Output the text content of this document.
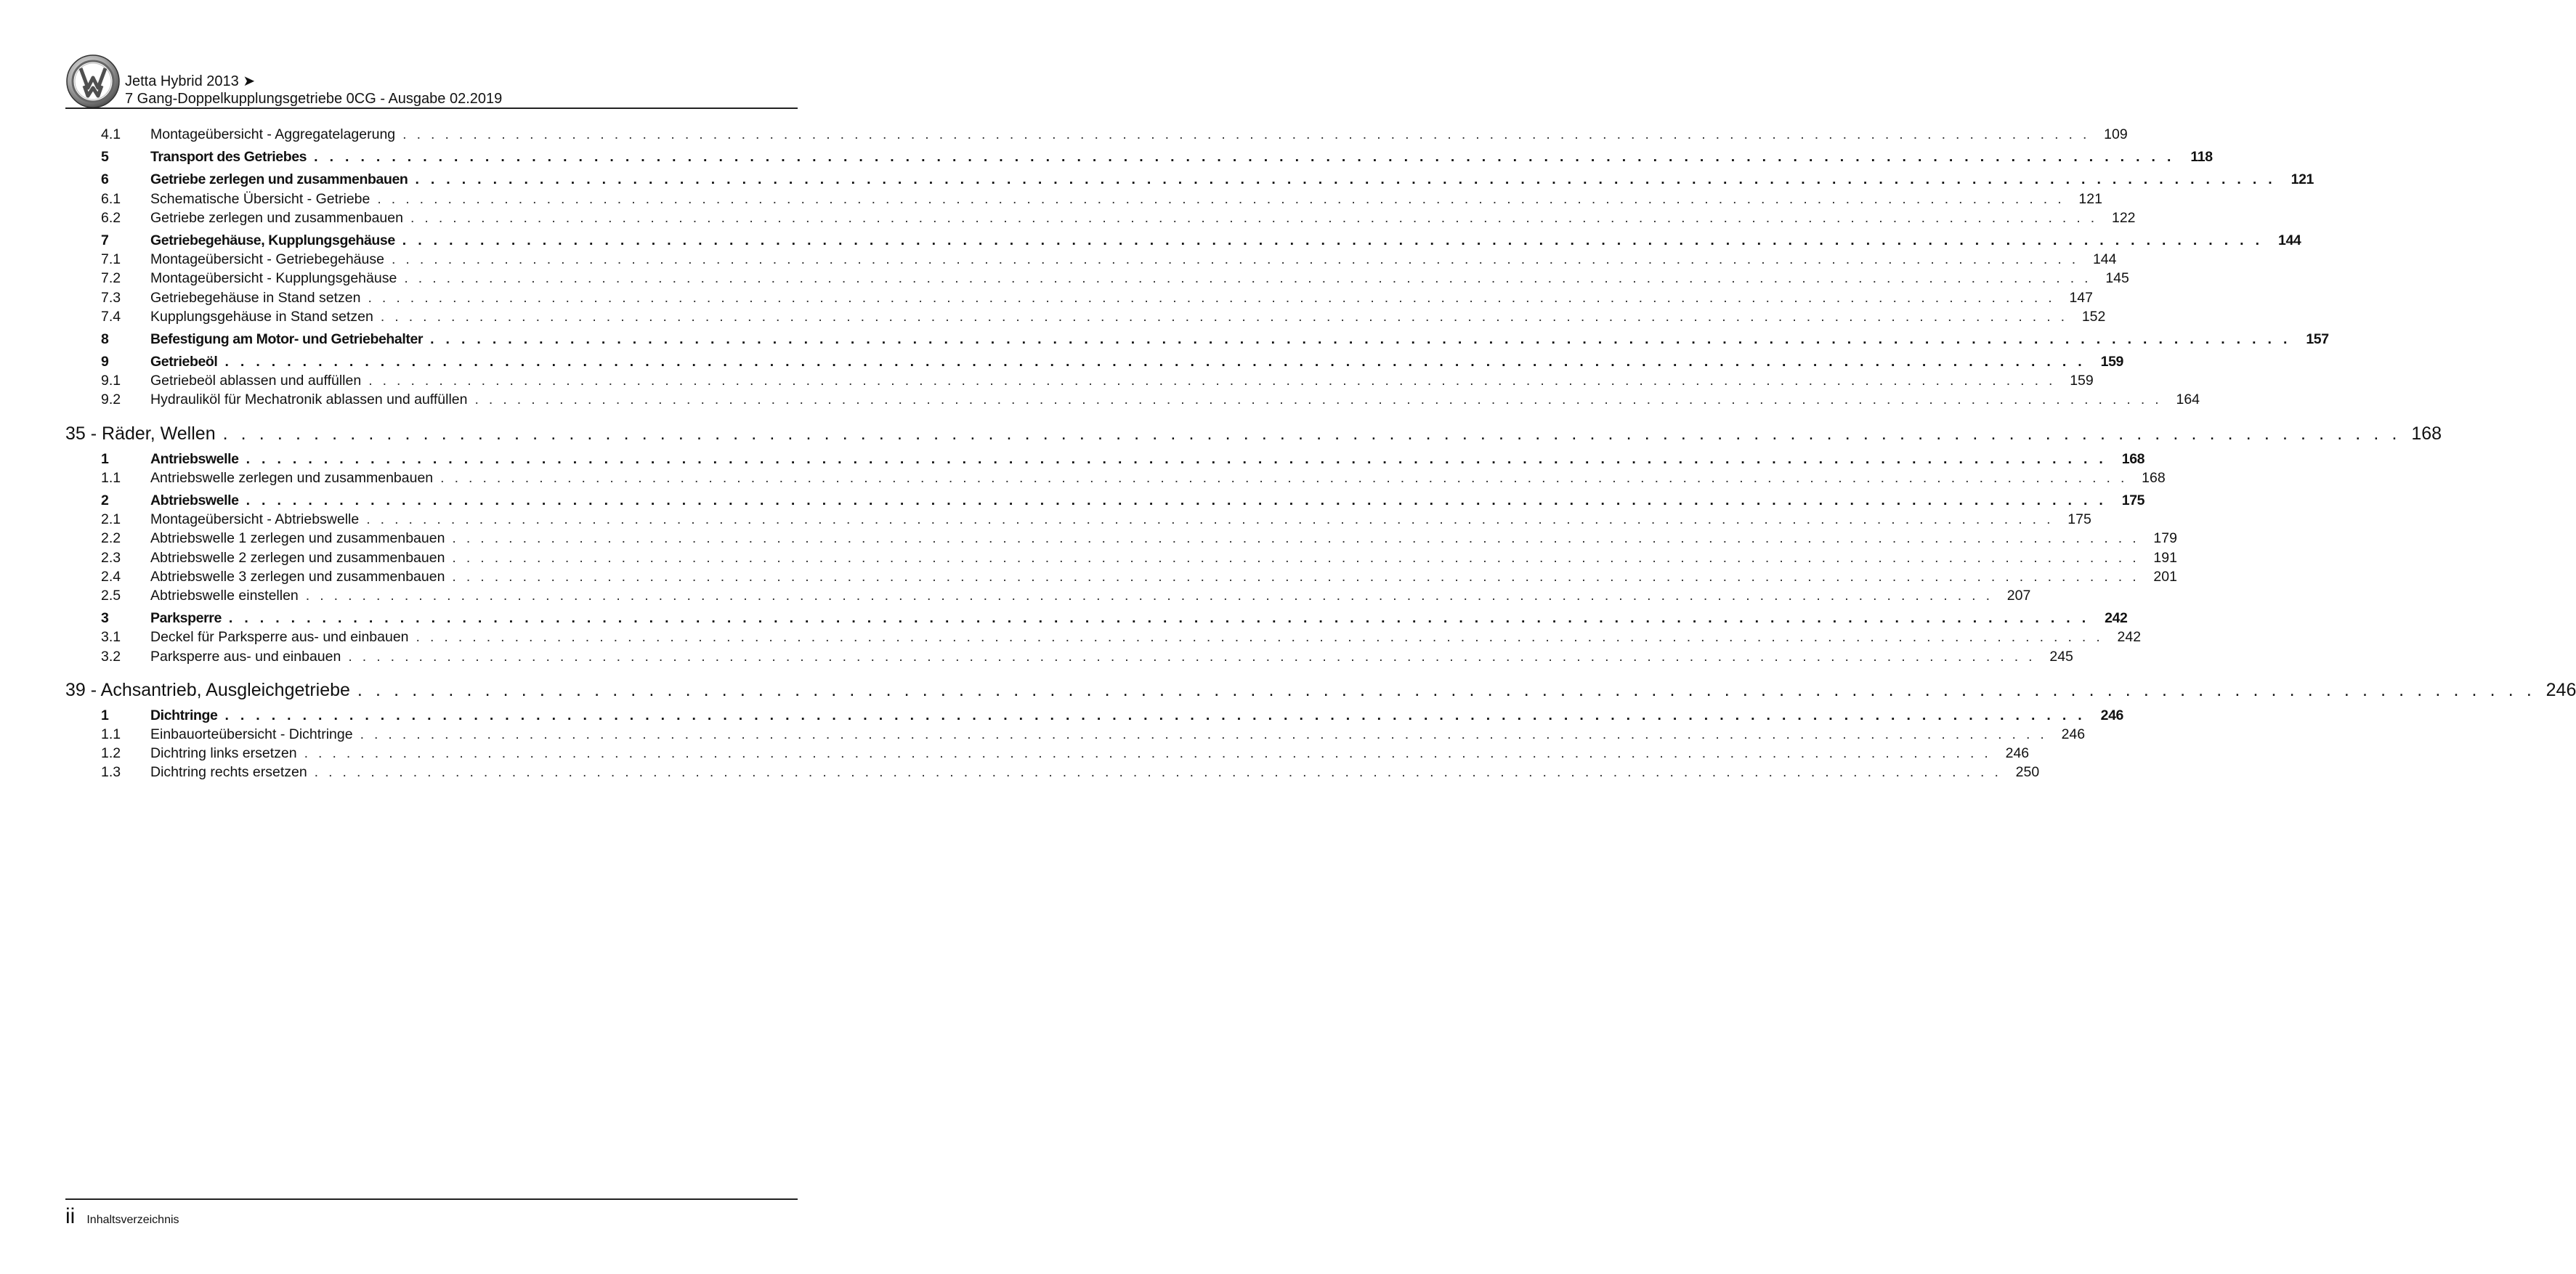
Jetta Hybrid 2013 ➤
7 Gang-Doppelkupplungsgetriebe 0CG - Ausgabe 02.2019
4.1 Montageübersicht - Aggregatelagerung . . . . . . . . . . . . . . . . . . . . . . . . . . . . . . . . . . . . . . . . . . . . . . . . . . . . . . . . . . . . . . . . . . . . . . . . . . . . . . . . . . . . . . . . . . . . . . . . . . . . . . . . . . . . . . . . . . . . . . . . 109
5	Transport des Getriebes . . . . . . . . . . . . . . . . . . . . . . . . . . . . . . . . . . . . . . . . . . . . . . . . . . . . . . . . . . . . . . . . . . . . . . . . . . . . . . . . . . . . . . . . . . . . . . . . . . . . . . . . . . . . . . . . . . . . . . . .	118
6	Getriebe zerlegen und zusammenbauen . . . . . . . . . . . . . . . . . . . . . . . . . . . . . . . . . . . . . . . . . . . . . . . . . . . . . . . . . . . . . . . . . . . . . . . . . . . . . . . . . . . . . . . . . . . . . . . . . . . . . . . . . . . . . . . . . . . . . . . .	121
6.1 Schematische Übersicht - Getriebe . . . . . . . . . . . . . . . . . . . . . . . . . . . . . . . . . . . . . . . . . . . . . . . . . . . . . . . . . . . . . . . . . . . . . . . . . . . . . . . . . . . . . . . . . . . . . . . . . . . . . . . . . . . . . . . . . . . . . . . . 121
6.2 Getriebe zerlegen und zusammenbauen . . . . . . . . . . . . . . . . . . . . . . . . . . . . . . . . . . . . . . . . . . . . . . . . . . . . . . . . . . . . . . . . . . . . . . . . . . . . . . . . . . . . . . . . . . . . . . . . . . . . . . . . . . . . . . . . . . . . . . . . 122
7	Getriebegehäuse, Kupplungsgehäuse . . . . . . . . . . . . . . . . . . . . . . . . . . . . . . . . . . . . . . . . . . . . . . . . . . . . . . . . . . . . . . . . . . . . . . . . . . . . . . . . . . . . . . . . . . . . . . . . . . . . . . . . . . . . . . . . . . . . . . . .	144
7.1 Montageübersicht - Getriebegehäuse . . . . . . . . . . . . . . . . . . . . . . . . . . . . . . . . . . . . . . . . . . . . . . . . . . . . . . . . . . . . . . . . . . . . . . . . . . . . . . . . . . . . . . . . . . . . . . . . . . . . . . . . . . . . . . . . . . . . . . . . 144
7.2 Montageübersicht - Kupplungsgehäuse . . . . . . . . . . . . . . . . . . . . . . . . . . . . . . . . . . . . . . . . . . . . . . . . . . . . . . . . . . . . . . . . . . . . . . . . . . . . . . . . . . . . . . . . . . . . . . . . . . . . . . . . . . . . . . . . . . . . . . . . 145
7.3 Getriebegehäuse in Stand setzen . . . . . . . . . . . . . . . . . . . . . . . . . . . . . . . . . . . . . . . . . . . . . . . . . . . . . . . . . . . . . . . . . . . . . . . . . . . . . . . . . . . . . . . . . . . . . . . . . . . . . . . . . . . . . . . . . . . . . . . . 147
7.4 Kupplungsgehäuse in Stand setzen . . . . . . . . . . . . . . . . . . . . . . . . . . . . . . . . . . . . . . . . . . . . . . . . . . . . . . . . . . . . . . . . . . . . . . . . . . . . . . . . . . . . . . . . . . . . . . . . . . . . . . . . . . . . . . . . . . . . . . . . 152
8	Befestigung am Motor- und Getriebehalter . . . . . . . . . . . . . . . . . . . . . . . . . . . . . . . . . . . . . . . . . . . . . . . . . . . . . . . . . . . . . . . . . . . . . . . . . . . . . . . . . . . . . . . . . . . . . . . . . . . . . . . . . . . . . . . . . . . . . . . .	157
9	Getriebeöl . . . . . . . . . . . . . . . . . . . . . . . . . . . . . . . . . . . . . . . . . . . . . . . . . . . . . . . . . . . . . . . . . . . . . . . . . . . . . . . . . . . . . . . . . . . . . . . . . . . . . . . . . . . . . . . . . . . . . . . .	159
9.1 Getriebeöl ablassen und auffüllen . . . . . . . . . . . . . . . . . . . . . . . . . . . . . . . . . . . . . . . . . . . . . . . . . . . . . . . . . . . . . . . . . . . . . . . . . . . . . . . . . . . . . . . . . . . . . . . . . . . . . . . . . . . . . . . . . . . . . . . . 159
9.2 Hydrauliköl für Mechatronik ablassen und auffüllen . . . . . . . . . . . . . . . . . . . . . . . . . . . . . . . . . . . . . . . . . . . . . . . . . . . . . . . . . . . . . . . . . . . . . . . . . . . . . . . . . . . . . . . . . . . . . . . . . . . . . . . . . . . . . . . . . . . . . . . . 164
35 - Räder, Wellen . . . . . . . . . . . . . . . . . . . . . . . . . . . . . . . . . . . . . . . . . . . . . . . . . . . . . . . . . . . . . . . . . . . . . . . . . . . . . . . . . . . . . . . . . . . . . . . . . . . . . . . . . . . . . . . . . . . . . . . . 168
1	Antriebswelle . . . . . . . . . . . . . . . . . . . . . . . . . . . . . . . . . . . . . . . . . . . . . . . . . . . . . . . . . . . . . . . . . . . . . . . . . . . . . . . . . . . . . . . . . . . . . . . . . . . . . . . . . . . . . . . . . . . . . . . .	168
1.1 Antriebswelle zerlegen und zusammenbauen . . . . . . . . . . . . . . . . . . . . . . . . . . . . . . . . . . . . . . . . . . . . . . . . . . . . . . . . . . . . . . . . . . . . . . . . . . . . . . . . . . . . . . . . . . . . . . . . . . . . . . . . . . . . . . . . . . . . . . . . 168
2	Abtriebswelle . . . . . . . . . . . . . . . . . . . . . . . . . . . . . . . . . . . . . . . . . . . . . . . . . . . . . . . . . . . . . . . . . . . . . . . . . . . . . . . . . . . . . . . . . . . . . . . . . . . . . . . . . . . . . . . . . . . . . . . .	175
2.1 Montageübersicht - Abtriebswelle . . . . . . . . . . . . . . . . . . . . . . . . . . . . . . . . . . . . . . . . . . . . . . . . . . . . . . . . . . . . . . . . . . . . . . . . . . . . . . . . . . . . . . . . . . . . . . . . . . . . . . . . . . . . . . . . . . . . . . . . 175
2.2 Abtriebswelle 1 zerlegen und zusammenbauen . . . . . . . . . . . . . . . . . . . . . . . . . . . . . . . . . . . . . . . . . . . . . . . . . . . . . . . . . . . . . . . . . . . . . . . . . . . . . . . . . . . . . . . . . . . . . . . . . . . . . . . . . . . . . . . . . . . . . . . . 179
2.3 Abtriebswelle 2 zerlegen und zusammenbauen . . . . . . . . . . . . . . . . . . . . . . . . . . . . . . . . . . . . . . . . . . . . . . . . . . . . . . . . . . . . . . . . . . . . . . . . . . . . . . . . . . . . . . . . . . . . . . . . . . . . . . . . . . . . . . . . . . . . . . . . 191
2.4 Abtriebswelle 3 zerlegen und zusammenbauen . . . . . . . . . . . . . . . . . . . . . . . . . . . . . . . . . . . . . . . . . . . . . . . . . . . . . . . . . . . . . . . . . . . . . . . . . . . . . . . . . . . . . . . . . . . . . . . . . . . . . . . . . . . . . . . . . . . . . . . . 201
2.5 Abtriebswelle einstellen . . . . . . . . . . . . . . . . . . . . . . . . . . . . . . . . . . . . . . . . . . . . . . . . . . . . . . . . . . . . . . . . . . . . . . . . . . . . . . . . . . . . . . . . . . . . . . . . . . . . . . . . . . . . . . . . . . . . . . . . 207
3	Parksperre . . . . . . . . . . . . . . . . . . . . . . . . . . . . . . . . . . . . . . . . . . . . . . . . . . . . . . . . . . . . . . . . . . . . . . . . . . . . . . . . . . . . . . . . . . . . . . . . . . . . . . . . . . . . . . . . . . . . . . . .	242
3.1 Deckel für Parksperre aus- und einbauen . . . . . . . . . . . . . . . . . . . . . . . . . . . . . . . . . . . . . . . . . . . . . . . . . . . . . . . . . . . . . . . . . . . . . . . . . . . . . . . . . . . . . . . . . . . . . . . . . . . . . . . . . . . . . . . . . . . . . . . . 242
3.2 Parksperre aus- und einbauen . . . . . . . . . . . . . . . . . . . . . . . . . . . . . . . . . . . . . . . . . . . . . . . . . . . . . . . . . . . . . . . . . . . . . . . . . . . . . . . . . . . . . . . . . . . . . . . . . . . . . . . . . . . . . . . . . . . . . . . . 245
39 - Achsantrieb, Ausgleichgetriebe . . . . . . . . . . . . . . . . . . . . . . . . . . . . . . . . . . . . . . . . . . . . . . . . . . . . . . . . . . . . . . . . . . . . . . . . . . . . . . . . . . . . . . . . . . . . . . . . . . . . . . . . . . . . . . . . . . . . . . . . 246
1	Dichtringe . . . . . . . . . . . . . . . . . . . . . . . . . . . . . . . . . . . . . . . . . . . . . . . . . . . . . . . . . . . . . . . . . . . . . . . . . . . . . . . . . . . . . . . . . . . . . . . . . . . . . . . . . . . . . . . . . . . . . . . .	246
1.1 Einbauorteübersicht - Dichtringe . . . . . . . . . . . . . . . . . . . . . . . . . . . . . . . . . . . . . . . . . . . . . . . . . . . . . . . . . . . . . . . . . . . . . . . . . . . . . . . . . . . . . . . . . . . . . . . . . . . . . . . . . . . . . . . . . . . . . . . . 246
1.2 Dichtring links ersetzen . . . . . . . . . . . . . . . . . . . . . . . . . . . . . . . . . . . . . . . . . . . . . . . . . . . . . . . . . . . . . . . . . . . . . . . . . . . . . . . . . . . . . . . . . . . . . . . . . . . . . . . . . . . . . . . . . . . . . . . . 246
1.3 Dichtring rechts ersetzen . . . . . . . . . . . . . . . . . . . . . . . . . . . . . . . . . . . . . . . . . . . . . . . . . . . . . . . . . . . . . . . . . . . . . . . . . . . . . . . . . . . . . . . . . . . . . . . . . . . . . . . . . . . . . . . . . . . . . . . . 250
ii Inhaltsverzeichnis
